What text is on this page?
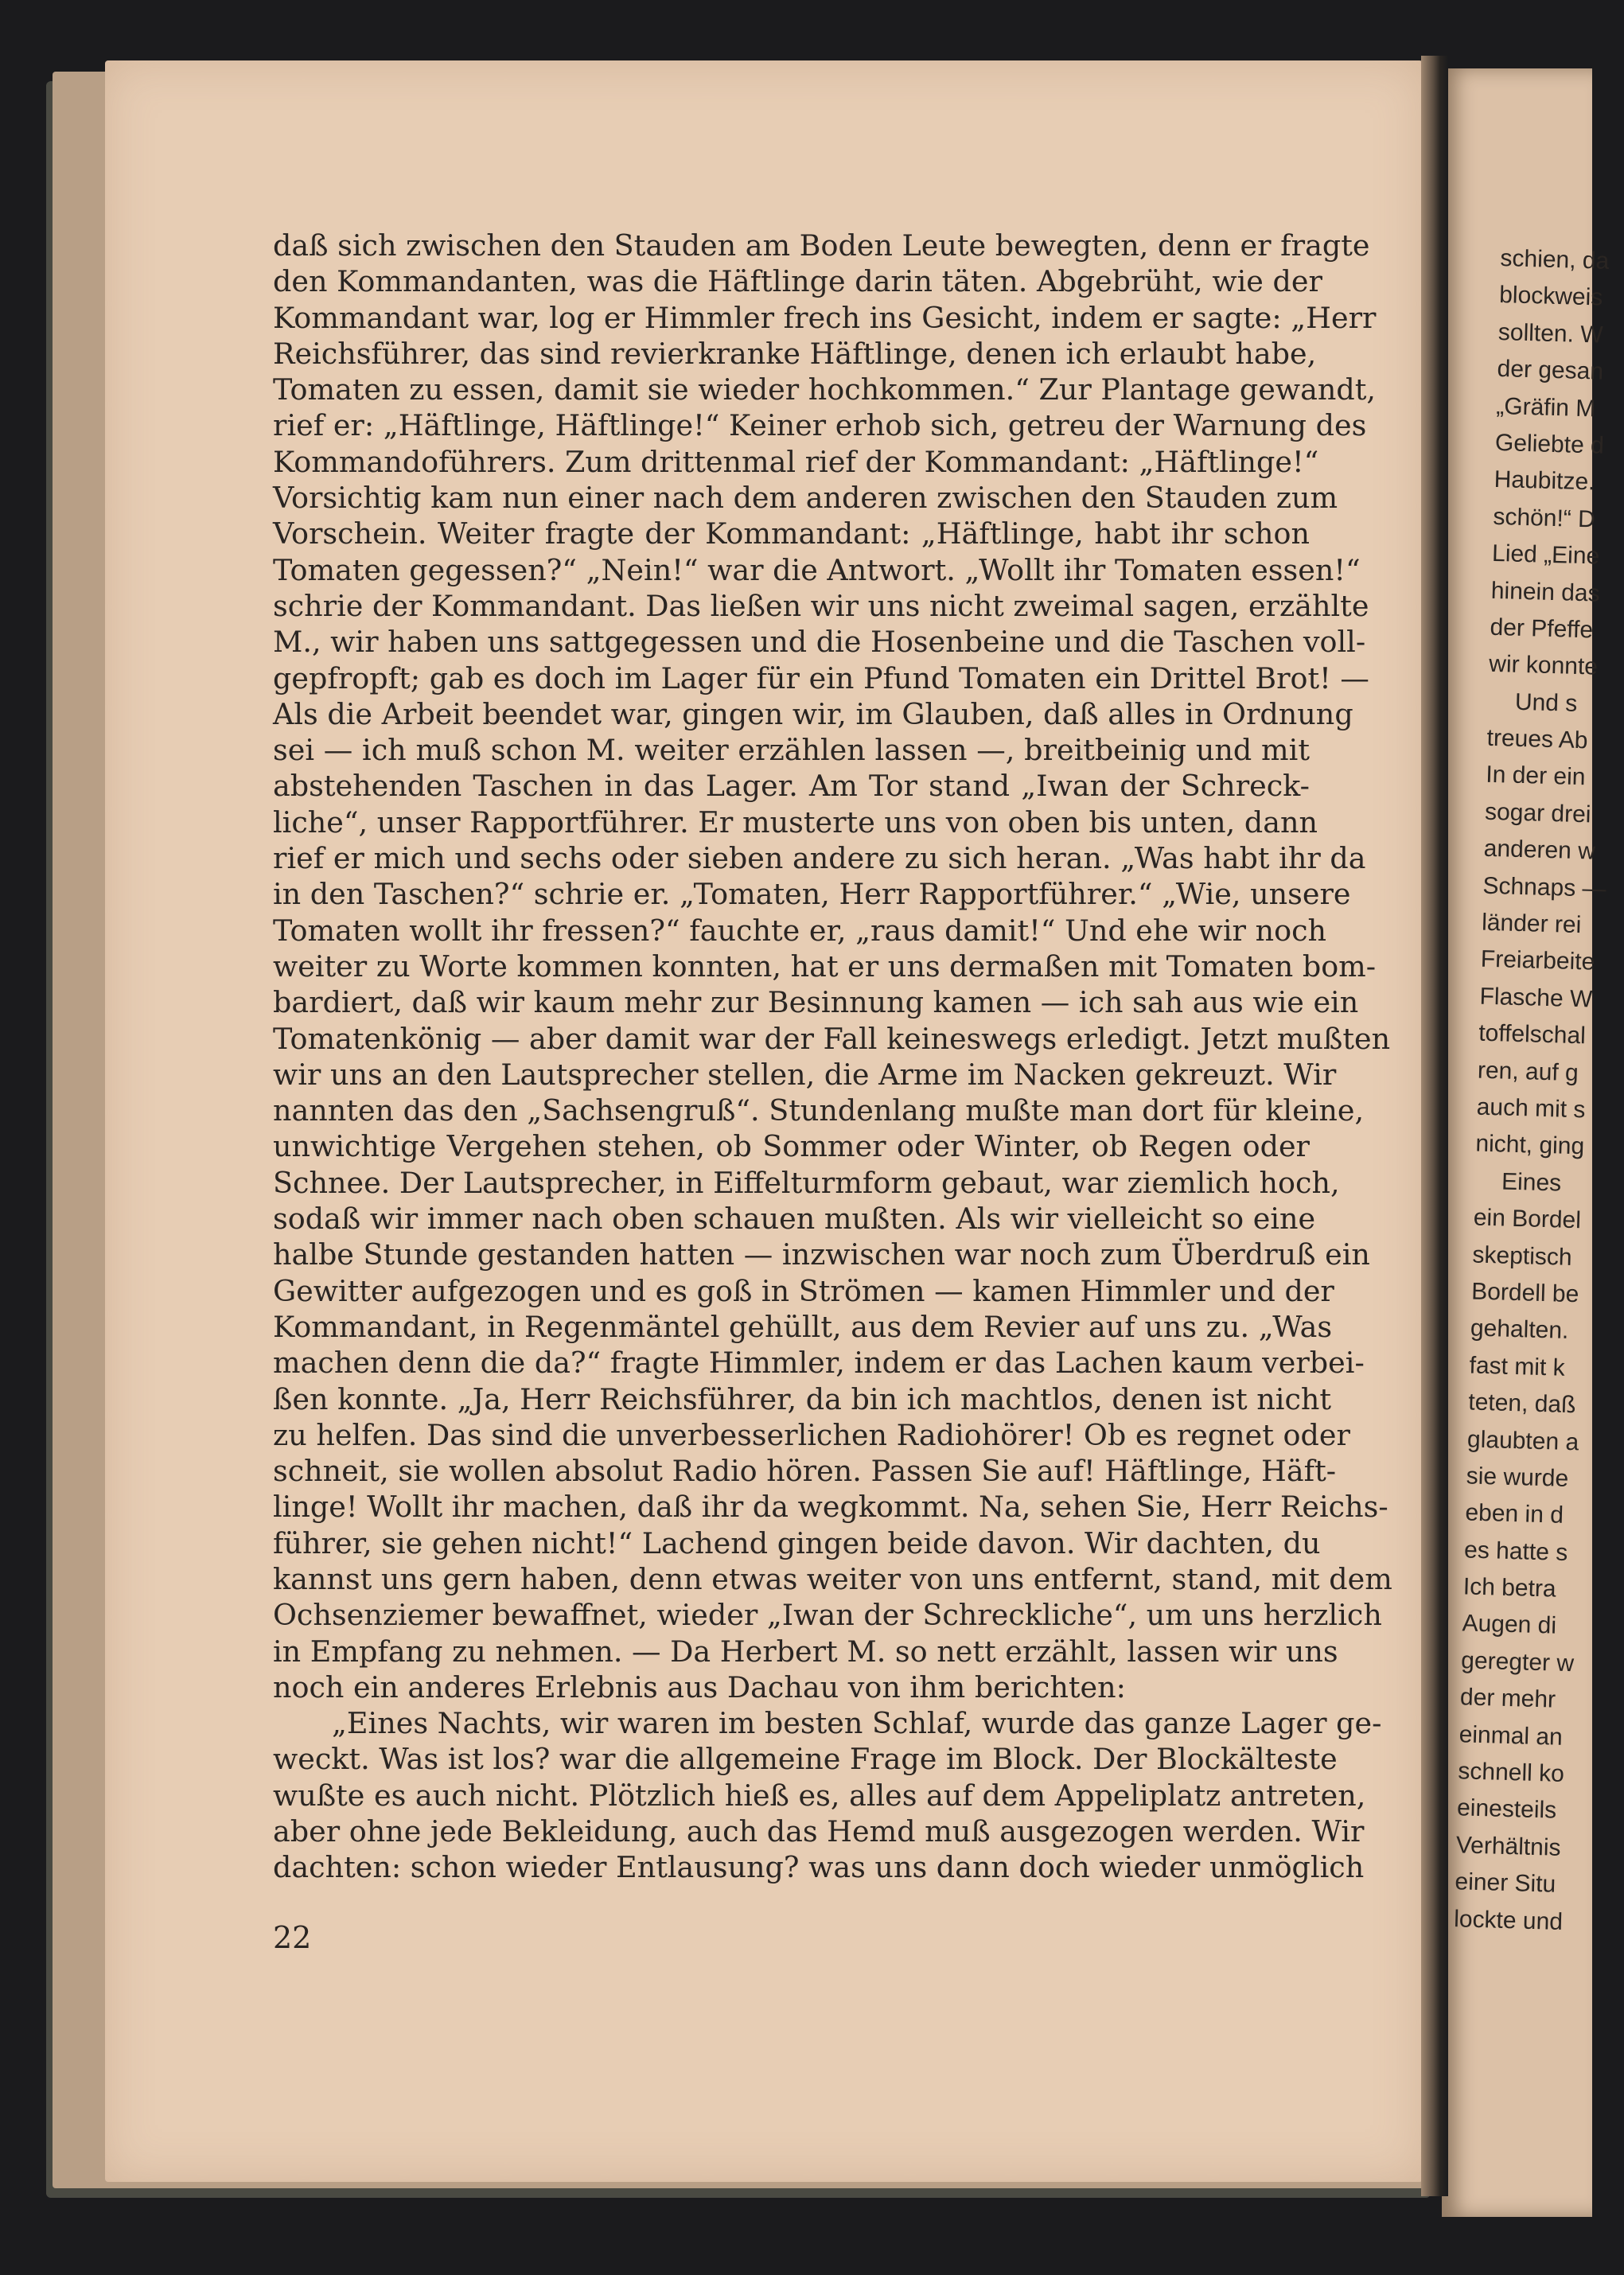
daß sich zwischen den Stauden am Boden Leute bewegten, denn er fragte
den Kommandanten, was die Häftlinge darin täten. Abgebrüht, wie der
Kommandant war, log er Himmler frech ins Gesicht, indem er sagte: „Herr
Reichsführer, das sind revierkranke Häftlinge, denen ich erlaubt habe,
Tomaten zu essen, damit sie wieder hochkommen.“ Zur Plantage gewandt,
rief er: „Häftlinge, Häftlinge!“ Keiner erhob sich, getreu der Warnung des
Kommandoführers. Zum drittenmal rief der Kommandant: „Häftlinge!“
Vorsichtig kam nun einer nach dem anderen zwischen den Stauden zum
Vorschein. Weiter fragte der Kommandant: „Häftlinge, habt ihr schon
Tomaten gegessen?“ „Nein!“ war die Antwort. „Wollt ihr Tomaten essen!“
schrie der Kommandant. Das ließen wir uns nicht zweimal sagen, erzählte
M., wir haben uns sattgegessen und die Hosenbeine und die Taschen voll-
gepfropft; gab es doch im Lager für ein Pfund Tomaten ein Drittel Brot! —
Als die Arbeit beendet war, gingen wir, im Glauben, daß alles in Ordnung
sei — ich muß schon M. weiter erzählen lassen —, breitbeinig und mit
abstehenden Taschen in das Lager. Am Tor stand „Iwan der Schreck-
liche“, unser Rapportführer. Er musterte uns von oben bis unten, dann
rief er mich und sechs oder sieben andere zu sich heran. „Was habt ihr da
in den Taschen?“ schrie er. „Tomaten, Herr Rapportführer.“ „Wie, unsere
Tomaten wollt ihr fressen?“ fauchte er, „raus damit!“ Und ehe wir noch
weiter zu Worte kommen konnten, hat er uns dermaßen mit Tomaten bom-
bardiert, daß wir kaum mehr zur Besinnung kamen — ich sah aus wie ein
Tomatenkönig — aber damit war der Fall keineswegs erledigt. Jetzt mußten
wir uns an den Lautsprecher stellen, die Arme im Nacken gekreuzt. Wir
nannten das den „Sachsengruß“. Stundenlang mußte man dort für kleine,
unwichtige Vergehen stehen, ob Sommer oder Winter, ob Regen oder
Schnee. Der Lautsprecher, in Eiffelturmform gebaut, war ziemlich hoch,
sodaß wir immer nach oben schauen mußten. Als wir vielleicht so eine
halbe Stunde gestanden hatten — inzwischen war noch zum Überdruß ein
Gewitter aufgezogen und es goß in Strömen — kamen Himmler und der
Kommandant, in Regenmäntel gehüllt, aus dem Revier auf uns zu. „Was
machen denn die da?“ fragte Himmler, indem er das Lachen kaum verbei-
ßen konnte. „Ja, Herr Reichsführer, da bin ich machtlos, denen ist nicht
zu helfen. Das sind die unverbesserlichen Radiohörer! Ob es regnet oder
schneit, sie wollen absolut Radio hören. Passen Sie auf! Häftlinge, Häft-
linge! Wollt ihr machen, daß ihr da wegkommt. Na, sehen Sie, Herr Reichs-
führer, sie gehen nicht!“ Lachend gingen beide davon. Wir dachten, du
kannst uns gern haben, denn etwas weiter von uns entfernt, stand, mit dem
Ochsenziemer bewaffnet, wieder „Iwan der Schreckliche“, um uns herzlich
in Empfang zu nehmen. — Da Herbert M. so nett erzählt, lassen wir uns
noch ein anderes Erlebnis aus Dachau von ihm berichten:
„Eines Nachts, wir waren im besten Schlaf, wurde das ganze Lager ge-
weckt. Was ist los? war die allgemeine Frage im Block. Der Blockälteste
wußte es auch nicht. Plötzlich hieß es, alles auf dem Appeliplatz antreten,
aber ohne jede Bekleidung, auch das Hemd muß ausgezogen werden. Wir
dachten: schon wieder Entlausung? was uns dann doch wieder unmöglich
22
schien, da
blockweis
sollten. W
der gesan
„Gräfin M
Geliebte d
Haubitze.
schön!“ D
Lied „Eine
hinein das
der Pfeffe
wir konnte
Und s
treues Ab
In der ein
sogar drei
anderen w
Schnaps —
länder rei
Freiarbeite
Flasche W
toffelschal
ren, auf g
auch mit s
nicht, ging
Eines
ein Bordel
skeptisch
Bordell be
gehalten.
fast mit k
teten, daß
glaubten a
sie wurde
eben in d
es hatte s
Ich betra
Augen di
geregter w
der mehr
einmal an
schnell ko
einesteils
Verhältnis
einer Situ
lockte und
